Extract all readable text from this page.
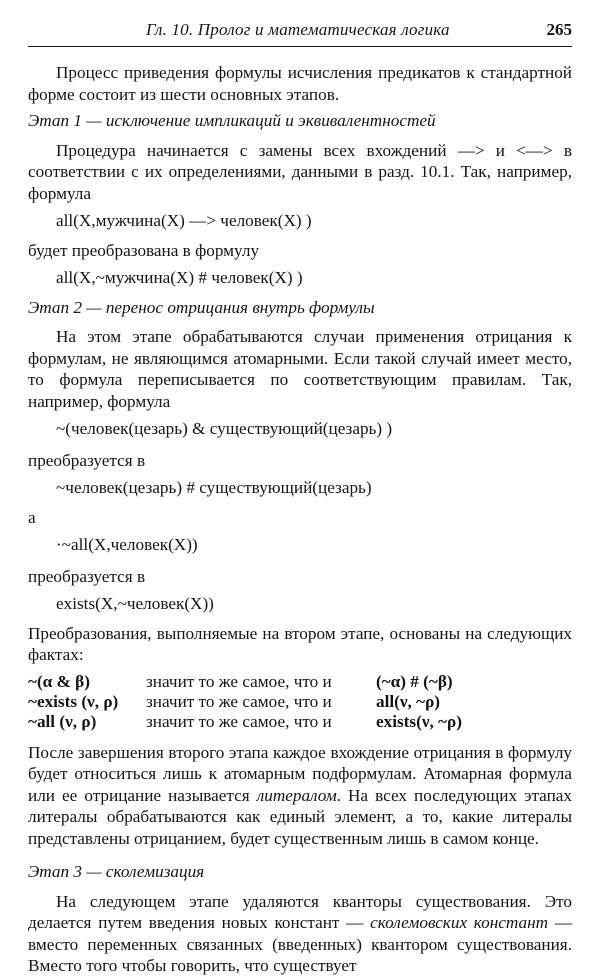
Гл. 10. Пролог и математическая логика	265

Процесс приведения формулы исчисления предикатов к стандартной форме состоит из шести основных этапов.

Этап 1 — исключение импликаций и эквивалентностей

Процедура начинается с замены всех вхождений —> и <—> в соответствии с их определениями, данными в разд. 10.1. Так, например, формула

all(X,мужчина(X) —> человек(X) )

будет преобразована в формулу

all(X,~мужчина(X) # человек(X) )
Этап 2 — перенос отрицания внутрь формулы

На этом этапе обрабатываются случаи применения отрицания к формулам, не являющимся атомарными. Если такой случай имеет место, то формула переписывается по соответствующим правилам. Так, например, формула

~(человек(цезарь) & существующий(цезарь) )

преобразуется в

~человек(цезарь) # существующий(цезарь)

а

·~all(X,человек(X))

преобразуется в

exists(X,~человек(X))

Преобразования, выполняемые на втором этапе, основаны на следующих фактах:

~(α & β)	значит то же самое, что и	(~α) # (~β)
~exists (ν, ρ)	значит то же самое, что и	all(ν, ~ρ)
~all (ν, ρ)	значит то же самое, что и	exists(ν, ~ρ)

После завершения второго этапа каждое вхождение отрицания в формулу будет относиться лишь к атомарным подформулам. Атомарная формула или ее отрицание называется литералом. На всех последующих этапах литералы обрабатываются как единый элемент, а то, какие литералы представлены отрицанием, будет существенным лишь в самом конце.

Этап 3 — сколемизация

На следующем этапе удаляются кванторы существования. Это делается путем введения новых констант — сколемовских констант — вместо переменных связанных (введенных) квантором существования. Вместо того чтобы говорить, что существует
